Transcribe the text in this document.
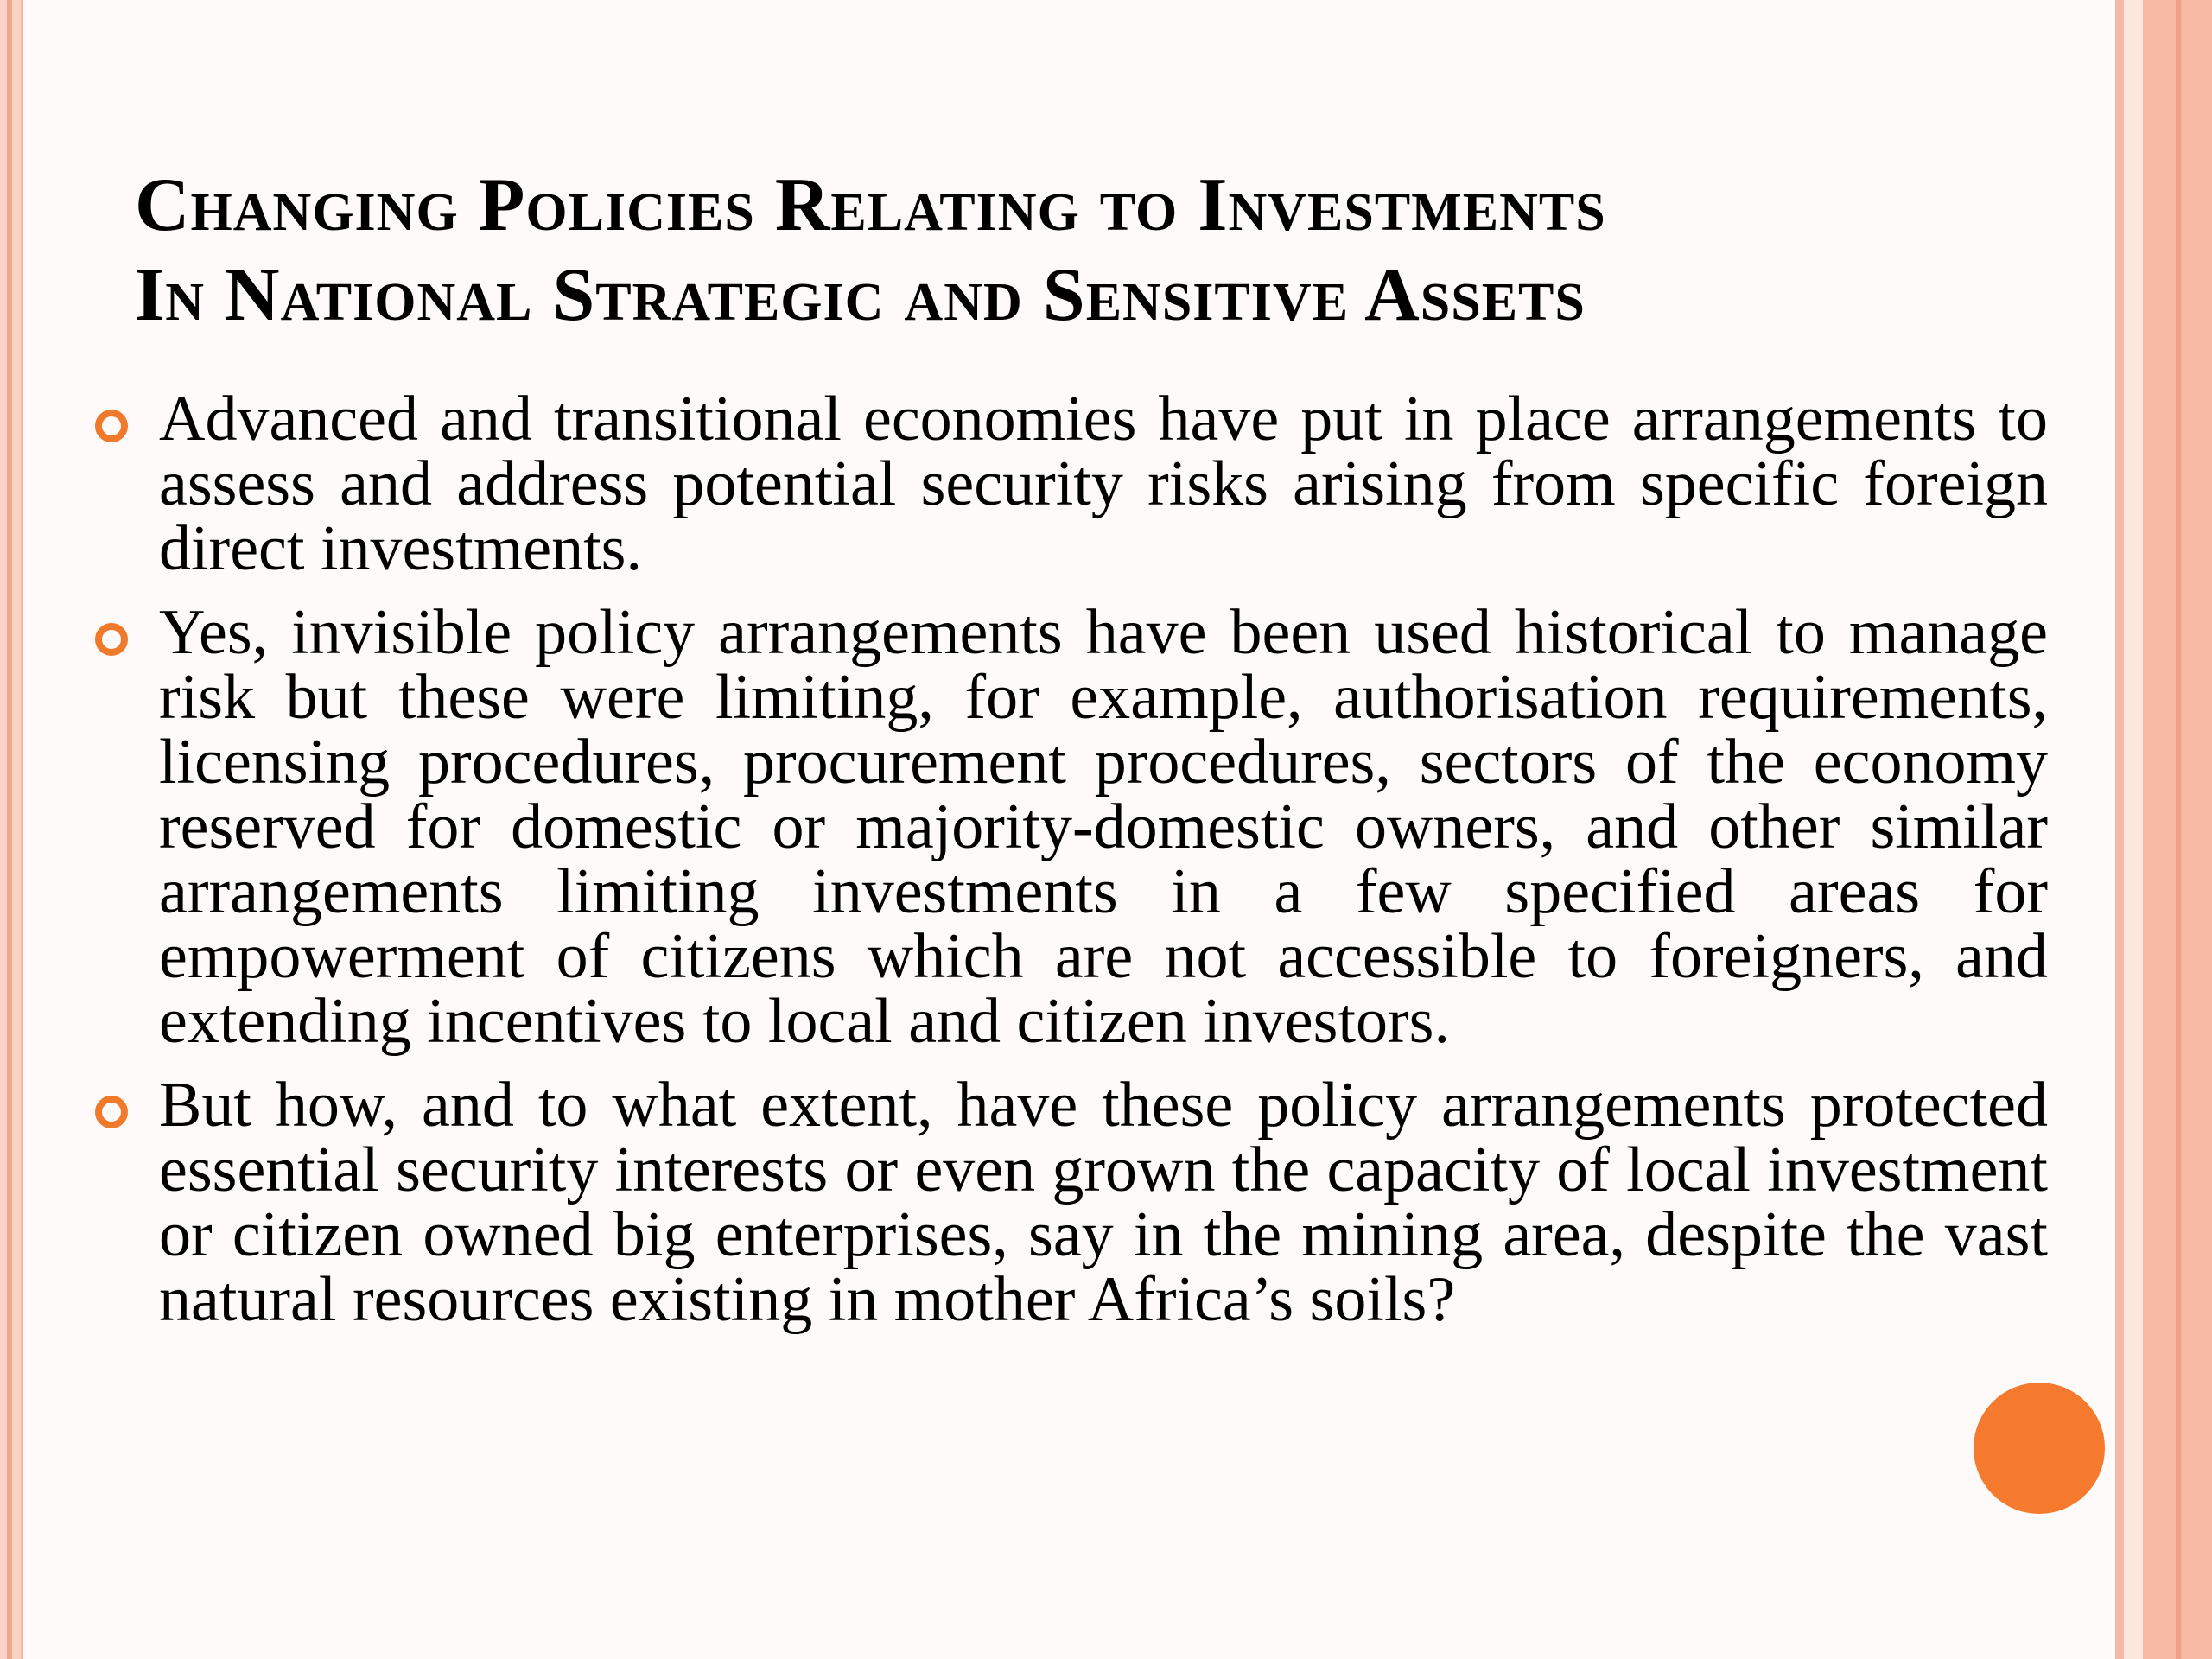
Changing Policies Relating to Investments
In National Strategic and Sensitive Assets
Advanced and transitional economies have put in place arrangements to assess and address potential security risks arising from specific foreign direct investments.
Yes, invisible policy arrangements have been used historical to manage risk but these were limiting, for example, authorisation requirements, licensing procedures, procurement procedures, sectors of the economy reserved for domestic or majority-domestic owners, and other similar arrangements limiting investments in a few specified areas for empowerment of citizens which are not accessible to foreigners, and extending incentives to local and citizen investors.
But how, and to what extent, have these policy arrangements protected essential security interests or even grown the capacity of local investment or citizen owned big enterprises, say in the mining area, despite the vast natural resources existing in mother Africa’s soils?
